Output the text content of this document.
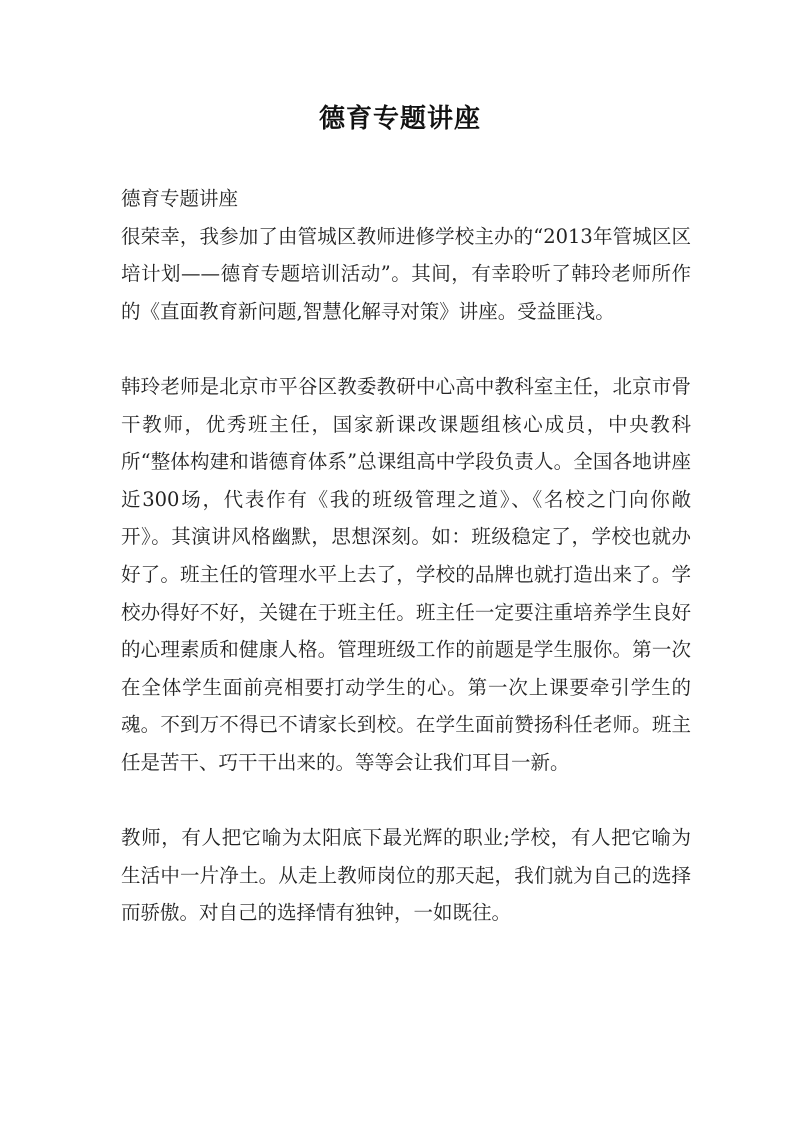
德育专题讲座

德育专题讲座

很荣幸，我参加了由管城区教师进修学校主办的“2013年管城区区培计划——德育专题培训活动”。其间，有幸聆听了韩玲老师所作的《直面教育新问题,智慧化解寻对策》讲座。受益匪浅。

韩玲老师是北京市平谷区教委教研中心高中教科室主任，北京市骨干教师，优秀班主任，国家新课改课题组核心成员，中央教科所“整体构建和谐德育体系”总课组高中学段负责人。全国各地讲座近300场，代表作有《我的班级管理之道》、《名校之门向你敞开》。其演讲风格幽默，思想深刻。如：班级稳定了，学校也就办好了。班主任的管理水平上去了，学校的品牌也就打造出来了。学校办得好不好，关键在于班主任。班主任一定要注重培养学生良好的心理素质和健康人格。管理班级工作的前题是学生服你。第一次在全体学生面前亮相要打动学生的心。第一次上课要牵引学生的魂。不到万不得已不请家长到校。在学生面前赞扬科任老师。班主任是苦干、巧干干出来的。等等会让我们耳目一新。

教师，有人把它喻为太阳底下最光辉的职业;学校，有人把它喻为生活中一片净土。从走上教师岗位的那天起，我们就为自己的选择而骄傲。对自己的选择情有独钟，一如既往。
